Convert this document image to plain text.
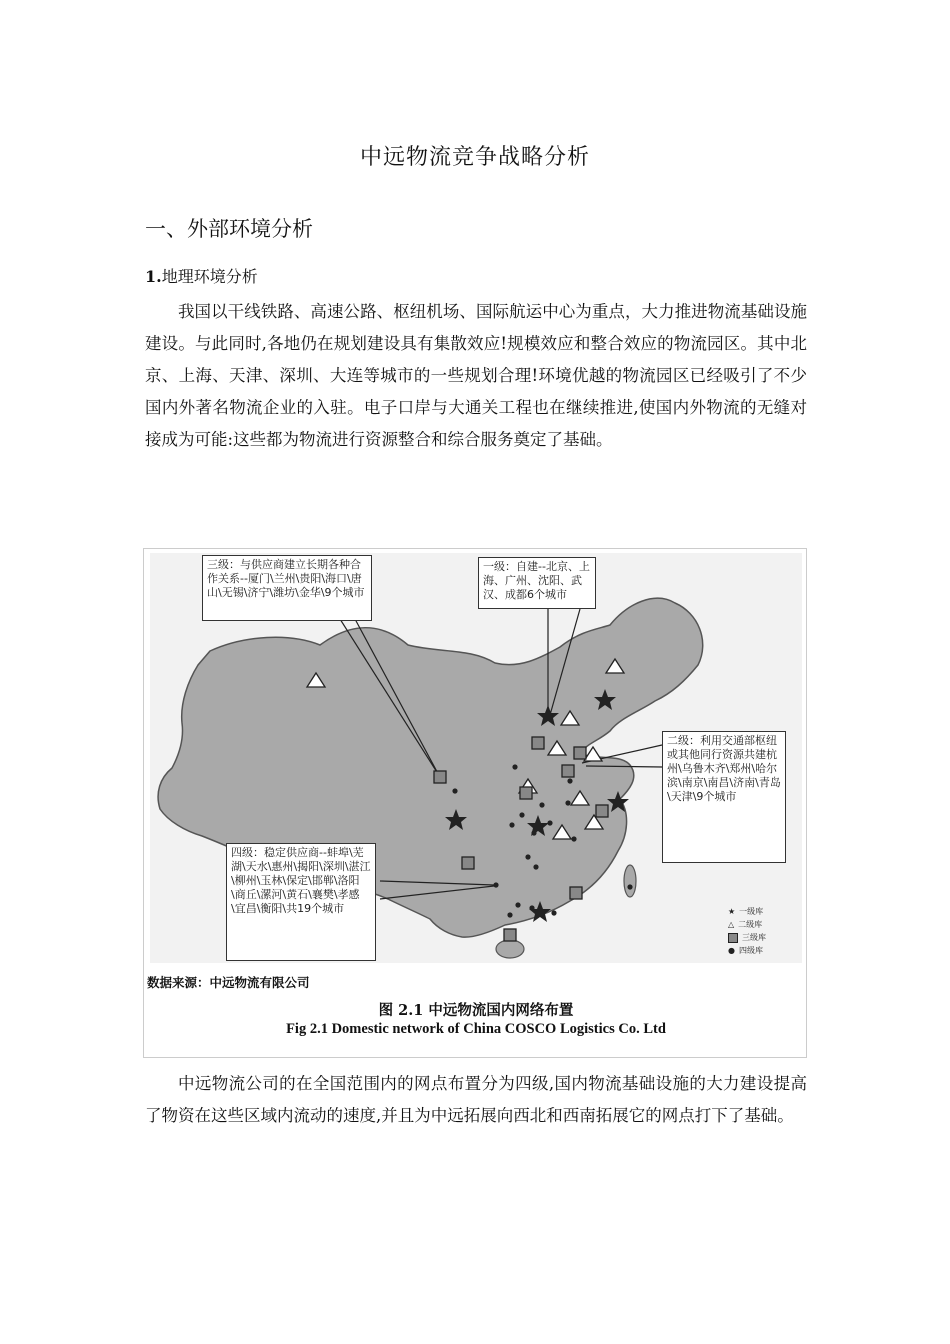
中远物流竞争战略分析
一、外部环境分析
1.地理环境分析
我国以干线铁路、高速公路、枢纽机场、国际航运中心为重点，大力推进物流基础设施建设。与此同时,各地仍在规划建设具有集散效应!规模效应和整合效应的物流园区。其中北京、上海、天津、深圳、大连等城市的一些规划合理!环境优越的物流园区已经吸引了不少国内外著名物流企业的入驻。电子口岸与大通关工程也在继续推进,使国内外物流的无缝对接成为可能:这些都为物流进行资源整合和综合服务奠定了基础。
三级：与供应商建立长期各种合作关系--厦门\兰州\贵阳\海口\唐山\无锡\济宁\潍坊\金华\9个城市
一级：自建--北京、上海、广州、沈阳、武汉、成都6个城市
二级：利用交通部枢纽或其他同行资源共建杭州\乌鲁木齐\郑州\哈尔滨\南京\南昌\济南\青岛\天津\9个城市
四级：稳定供应商--蚌埠\芜湖\天水\惠州\揭阳\深圳\湛江\柳州\玉林\保定\邯郸\洛阳\商丘\漯河\黄石\襄樊\孝感\宜昌\衡阳\共19个城市	★ 一级库
△ 二级库
三级库
● 四级库
数据来源：中远物流有限公司
图 2.1 中远物流国内网络布置
Fig 2.1 Domestic network of China COSCO Logistics Co. Ltd
中远物流公司的在全国范围内的网点布置分为四级,国内物流基础设施的大力建设提高了物资在这些区域内流动的速度,并且为中远拓展向西北和西南拓展它的网点打下了基础。
